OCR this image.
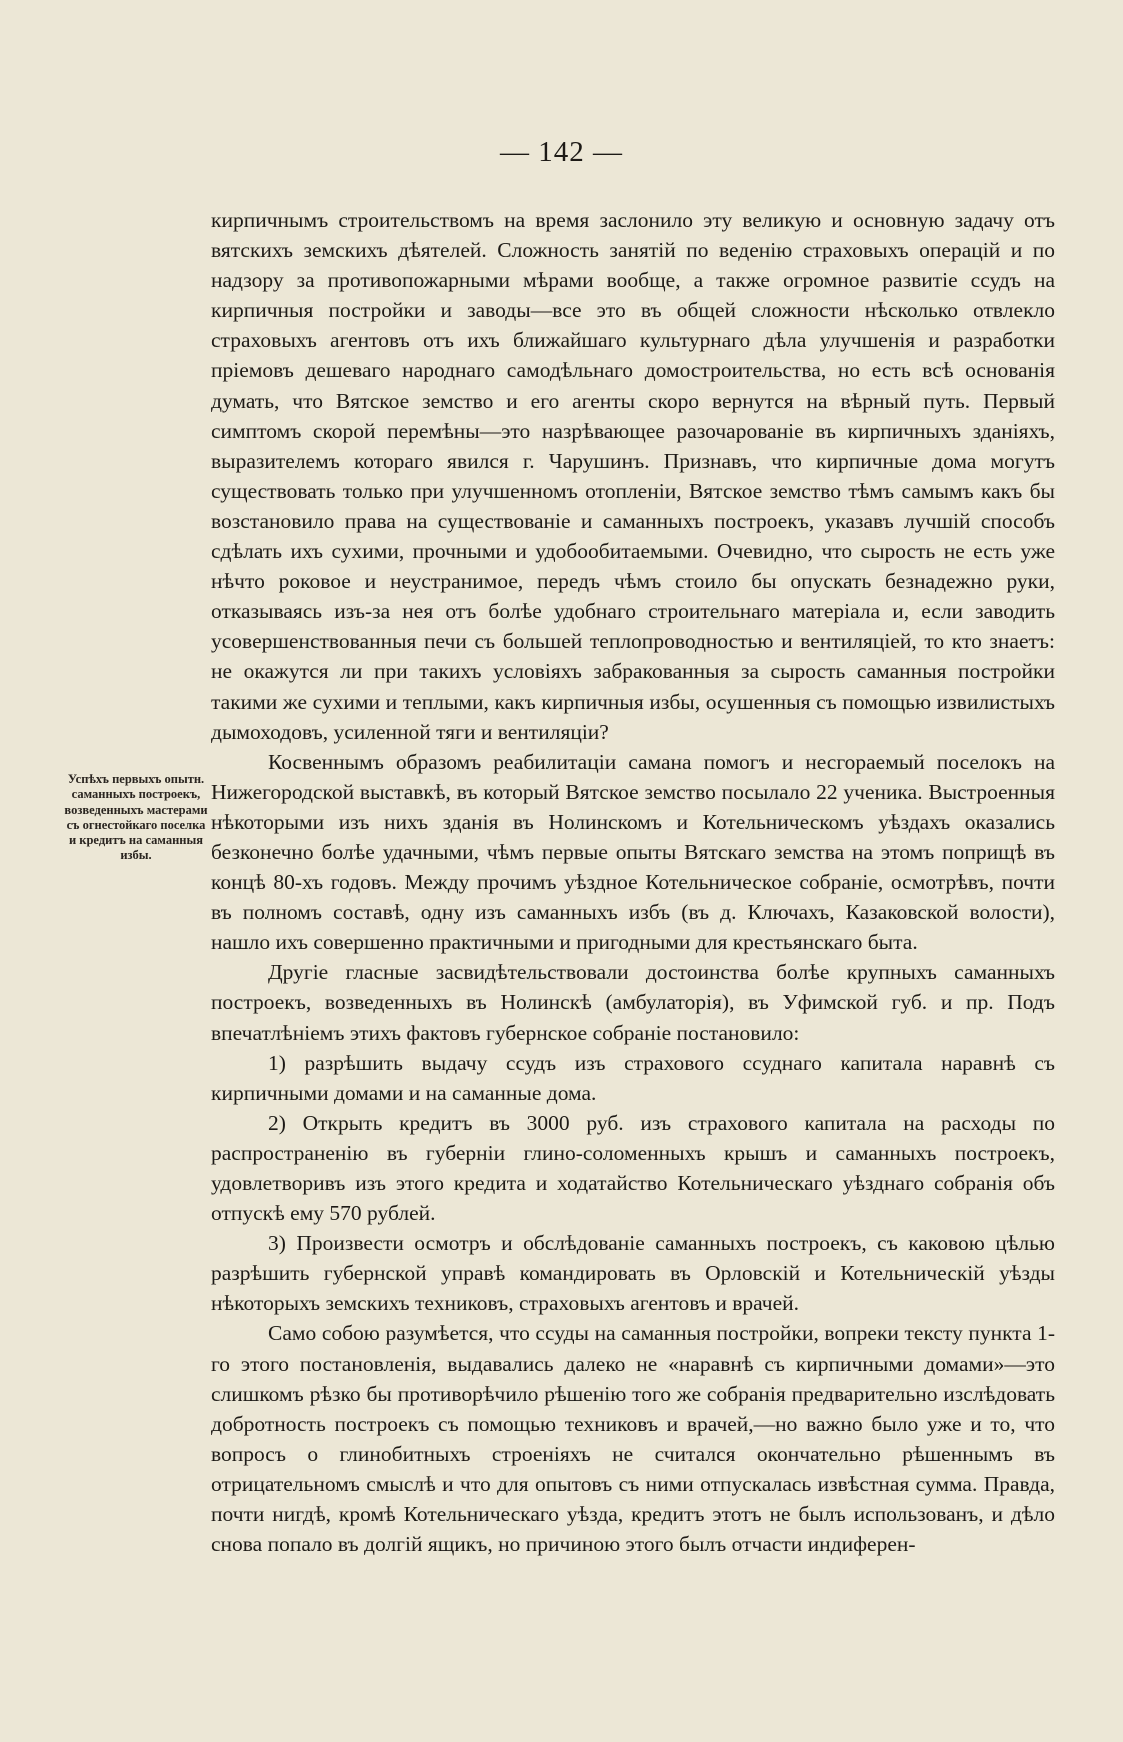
— 142 —
Успѣхъ первыхъ опытн. саманныхъ построекъ, возведенныхъ мастерами съ огнестойкаго поселка и кредитъ на саманныя избы.

кирпичнымъ строительствомъ на время заслонило эту великую и основную задачу отъ вятскихъ земскихъ дѣятелей. Сложность занятій по веденію страховыхъ операцій и по надзору за противопожарными мѣрами вообще, а также огромное развитіе ссудъ на кирпичныя постройки и заводы—все это въ общей сложности нѣсколько отвлекло страховыхъ агентовъ отъ ихъ ближайшаго культурнаго дѣла улучшенія и разработки пріемовъ дешеваго народнаго самодѣльнаго домостроительства, но есть всѣ основанія думать, что Вятское земство и его агенты скоро вернутся на вѣрный путь. Первый симптомъ скорой перемѣны—это назрѣвающее разочарованіе въ кирпичныхъ зданіяхъ, выразителемъ котораго явился г. Чарушинъ. Признавъ, что кирпичные дома могутъ существовать только при улучшенномъ отопленіи, Вятское земство тѣмъ самымъ какъ бы возстановило права на существованіе и саманныхъ построекъ, указавъ лучшій способъ сдѣлать ихъ сухими, прочными и удобообитаемыми. Очевидно, что сырость не есть уже нѣчто роковое и неустранимое, передъ чѣмъ стоило бы опускать безнадежно руки, отказываясь изъ-за нея отъ болѣе удобнаго строительнаго матеріала и, если заводить усовершенствованныя печи съ большей теплопроводностью и вентиляціей, то кто знаетъ: не окажутся ли при такихъ условіяхъ забракованныя за сырость саманныя постройки такими же сухими и теплыми, какъ кирпичныя избы, осушенныя съ помощью извилистыхъ дымоходовъ, усиленной тяги и вентиляціи?

Косвеннымъ образомъ реабилитаціи самана помогъ и несгораемый поселокъ на Нижегородской выставкѣ, въ который Вятское земство посылало 22 ученика. Выстроенныя нѣкоторыми изъ нихъ зданія въ Нолинскомъ и Котельническомъ уѣздахъ оказались безконечно болѣе удачными, чѣмъ первые опыты Вятскаго земства на этомъ поприщѣ въ концѣ 80-хъ годовъ. Между прочимъ уѣздное Котельническое собраніе, осмотрѣвъ, почти въ полномъ составѣ, одну изъ саманныхъ избъ (въ д. Ключахъ, Казаковской волости), нашло ихъ совершенно практичными и пригодными для крестьянскаго быта.

Другіе гласные засвидѣтельствовали достоинства болѣе крупныхъ саманныхъ построекъ, возведенныхъ въ Нолинскѣ (амбулаторія), въ Уфимской губ. и пр. Подъ впечатлѣніемъ этихъ фактовъ губернское собраніе постановило:

1) разрѣшить выдачу ссудъ изъ страхового ссуднаго капитала наравнѣ съ кирпичными домами и на саманные дома.

2) Открыть кредитъ въ 3000 руб. изъ страхового капитала на расходы по распространенію въ губерніи глино-соломенныхъ крышъ и саманныхъ построекъ, удовлетворивъ изъ этого кредита и ходатайство Котельническаго уѣзднаго собранія объ отпускѣ ему 570 рублей.

3) Произвести осмотръ и обслѣдованіе саманныхъ построекъ, съ каковою цѣлью разрѣшить губернской управѣ командировать въ Орловскій и Котельническій уѣзды нѣкоторыхъ земскихъ техниковъ, страховыхъ агентовъ и врачей.

Само собою разумѣется, что ссуды на саманныя постройки, вопреки тексту пункта 1-го этого постановленія, выдавались далеко не «наравнѣ съ кирпичными домами»—это слишкомъ рѣзко бы противорѣчило рѣшенію того же собранія предварительно изслѣдовать добротность построекъ съ помощью техниковъ и врачей,—но важно было уже и то, что вопросъ о глинобитныхъ строеніяхъ не считался окончательно рѣшеннымъ въ отрицательномъ смыслѣ и что для опытовъ съ ними отпускалась извѣстная сумма. Правда, почти нигдѣ, кромѣ Котельническаго уѣзда, кредитъ этотъ не былъ использованъ, и дѣло снова попало въ долгій ящикъ, но причиною этого былъ отчасти индиферен-
